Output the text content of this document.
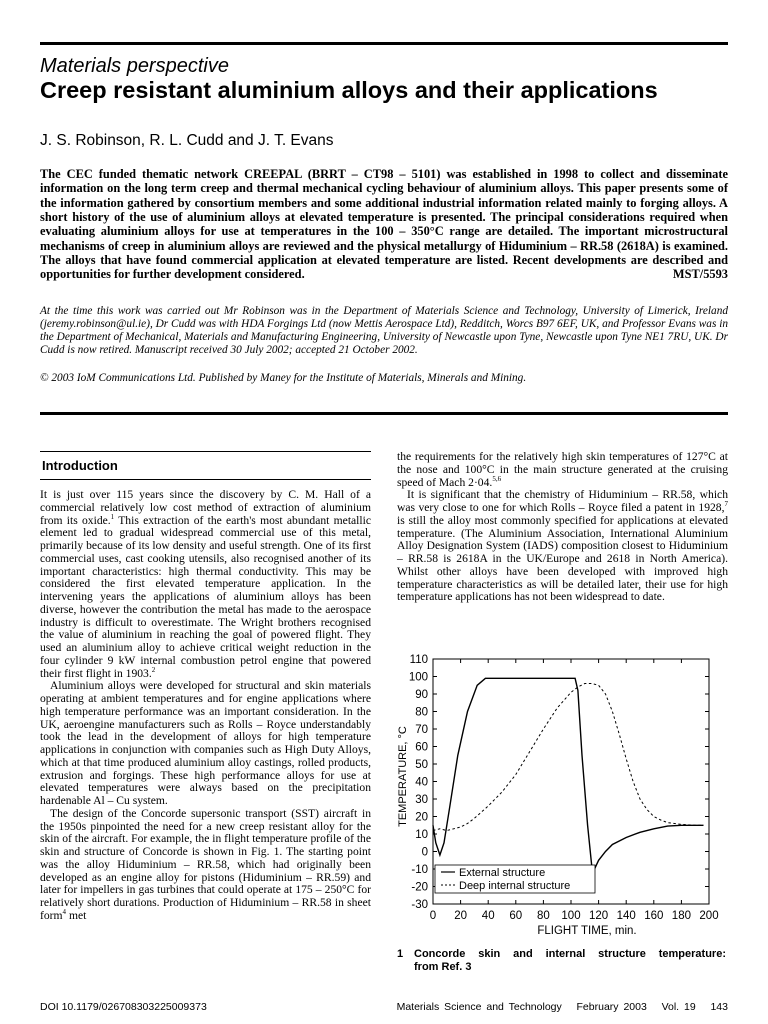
Materials perspective
Creep resistant aluminium alloys and their applications
J. S. Robinson, R. L. Cudd and J. T. Evans

The CEC funded thematic network CREEPAL (BRRT – CT98 – 5101) was established in 1998 to collect and disseminate information on the long term creep and thermal mechanical cycling behaviour of aluminium alloys. This paper presents some of the information gathered by consortium members and some additional industrial information related mainly to forging alloys. A short history of the use of aluminium alloys at elevated temperature is presented. The principal considerations required when evaluating aluminium alloys for use at temperatures in the 100 – 350°C range are detailed. The important microstructural mechanisms of creep in aluminium alloys are reviewed and the physical metallurgy of Hiduminium – RR.58 (2618A) is examined. The alloys that have found commercial application at elevated temperature are listed. Recent developments are described and opportunities for further development considered.	MST/5593

At the time this work was carried out Mr Robinson was in the Department of Materials Science and Technology, University of Limerick, Ireland (jeremy.robinson@ul.ie), Dr Cudd was with HDA Forgings Ltd (now Mettis Aerospace Ltd), Redditch, Worcs B97 6EF, UK, and Professor Evans was in the Department of Mechanical, Materials and Manufacturing Engineering, University of Newcastle upon Tyne, Newcastle upon Tyne NE1 7RU, UK. Dr Cudd is now retired. Manuscript received 30 July 2002; accepted 21 October 2002.

© 2003 IoM Communications Ltd. Published by Maney for the Institute of Materials, Minerals and Mining.
Introduction

It is just over 115 years since the discovery by C. M. Hall of a commercial relatively low cost method of extraction of aluminium from its oxide.$^1$ This extraction of the earth's most abundant metallic element led to gradual widespread commercial use of this metal, primarily because of its low density and useful strength. One of its first commercial uses, cast cooking utensils, also recognised another of its important characteristics: high thermal conductivity. This may be considered the first elevated temperature application. In the intervening years the applications of aluminium alloys has been diverse, however the contribution the metal has made to the aerospace industry is difficult to overestimate. The Wright brothers recognised the value of aluminium in reaching the goal of powered flight. They used an aluminium alloy to achieve critical weight reduction in the four cylinder 9 kW internal combustion petrol engine that powered their first flight in 1903.$^2$

Aluminium alloys were developed for structural and skin materials operating at ambient temperatures and for engine applications where high temperature performance was an important consideration. In the UK, aeroengine manufacturers such as Rolls – Royce understandably took the lead in the development of alloys for high temperature applications in conjunction with companies such as High Duty Alloys, which at that time produced aluminium alloy castings, rolled products, extrusion and forgings. These high performance alloys for use at elevated temperatures were always based on the precipitation hardenable Al – Cu system.

The design of the Concorde supersonic transport (SST) aircraft in the 1950s pinpointed the need for a new creep resistant alloy for the skin of the aircraft. For example, the in flight temperature profile of the skin and structure of Concorde is shown in Fig. 1. The starting point was the alloy Hiduminium – RR.58, which had originally been developed as an engine alloy for pistons (Hiduminium – RR.59) and later for impellers in gas turbines that could operate at 175 – 250°C for relatively short durations. Production of Hiduminium – RR.58 in sheet form$^4$ met

the requirements for the relatively high skin temperatures of 127°C at the nose and 100°C in the main structure generated at the cruising speed of Mach 2·04.$^{5,6}$

It is significant that the chemistry of Hiduminium – RR.58, which was very close to one for which Rolls – Royce filed a patent in 1928,$^7$ is still the alloy most commonly specified for applications at elevated temperature. (The Aluminium Association, International Aluminium Alloy Designation System (IADS) composition closest to Hiduminium – RR.58 is 2618A in the UK/Europe and 2618 in North America). Whilst other alloys have been developed with improved high temperature characteristics as will be detailed later, their use for high temperature applications has not been widespread to date.

-30
-20
-10
0
10
20
30
40
50
60
70
80
90
100
110
0 20 40 60 80 100 120 140 160 180 200
FLIGHT TIME, min.
TEMPERATURE, °C
External structure
Deep internal structure

1 Concorde skin and internal structure temperature:
from Ref. 3

DOI 10.1179/026708303225009373	Materials Science and Technology February 2003 Vol. 19 143
